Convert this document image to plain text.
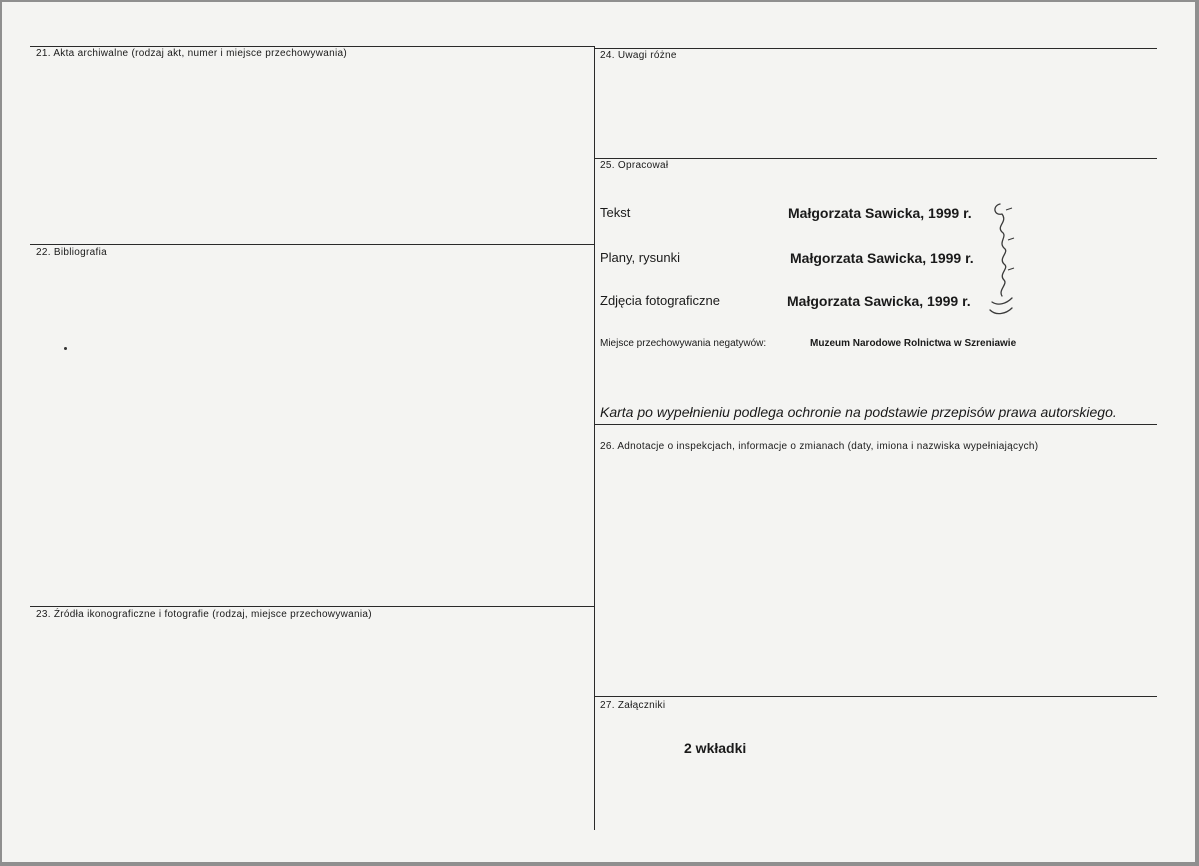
21. Akta archiwalne (rodzaj akt, numer i miejsce przechowywania)
22. Bibliografia
23. Źródła ikonograficzne i fotografie (rodzaj, miejsce przechowywania)
24. Uwagi różne
25. Opracował
26. Adnotacje o inspekcjach, informacje o zmianach (daty, imiona i nazwiska wypełniających)
27. Załączniki
Tekst	Małgorzata Sawicka, 1999 r.
Plany, rysunki	Małgorzata Sawicka, 1999 r.
Zdjęcia fotograficzne	Małgorzata Sawicka, 1999 r.
Miejsce przechowywania negatywów:	Muzeum Narodowe Rolnictwa w Szreniawie
Karta po wypełnieniu podlega ochronie na podstawie przepisów prawa autorskiego.
2 wkładki
